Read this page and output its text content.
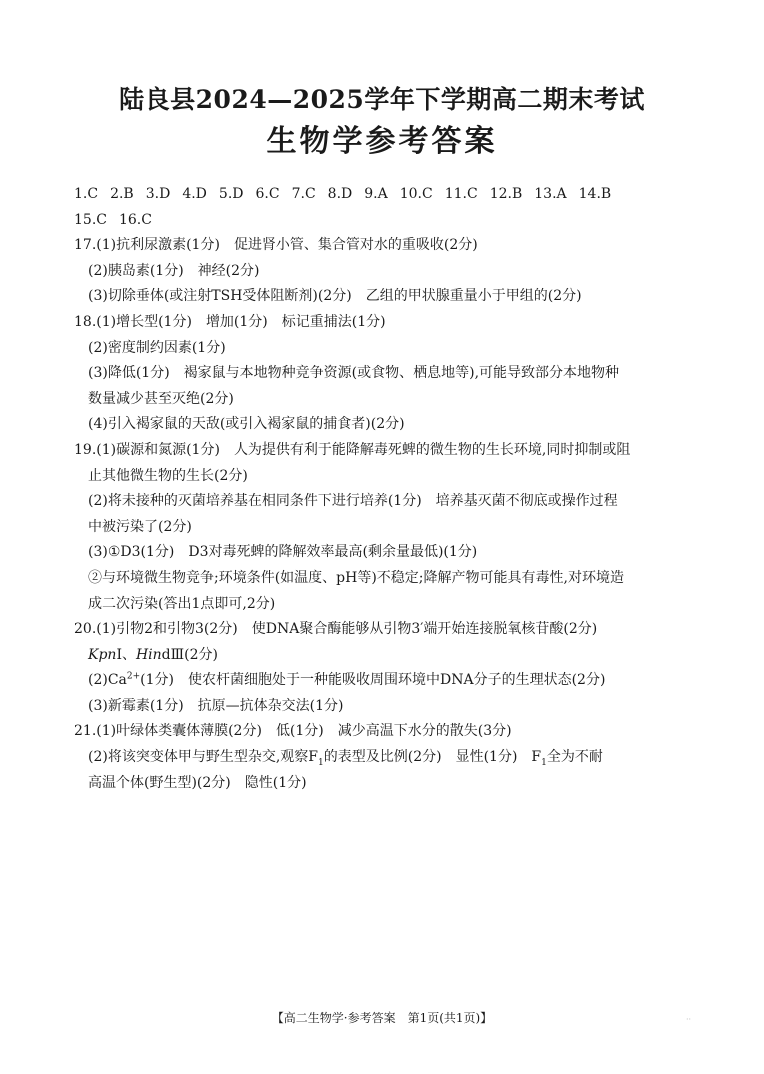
陆良县2024—2025学年下学期高二期末考试
生物学参考答案
1.C 2.B 3.D 4.D 5.D 6.C 7.C 8.D 9.A 10.C 11.C 12.B 13.A 14.B
15.C 16.C
17.(1)抗利尿激素(1分) 促进肾小管、集合管对水的重吸收(2分)
(2)胰岛素(1分) 神经(2分)
(3)切除垂体(或注射TSH受体阻断剂)(2分) 乙组的甲状腺重量小于甲组的(2分)
18.(1)增长型(1分) 增加(1分) 标记重捕法(1分)
(2)密度制约因素(1分)
(3)降低(1分) 褐家鼠与本地物种竞争资源(或食物、栖息地等),可能导致部分本地物种
数量减少甚至灭绝(2分)
(4)引入褐家鼠的天敌(或引入褐家鼠的捕食者)(2分)
19.(1)碳源和氮源(1分) 人为提供有利于能降解毒死蜱的微生物的生长环境,同时抑制或阻
止其他微生物的生长(2分)
(2)将未接种的灭菌培养基在相同条件下进行培养(1分) 培养基灭菌不彻底或操作过程
中被污染了(2分)
(3)①D3(1分) D3对毒死蜱的降解效率最高(剩余量最低)(1分)
②与环境微生物竞争;环境条件(如温度、pH等)不稳定;降解产物可能具有毒性,对环境造
成二次污染(答出1点即可,2分)
20.(1)引物2和引物3(2分) 使DNA聚合酶能够从引物3′端开始连接脱氧核苷酸(2分)
KpnⅠ、HindⅢ(2分)
$(2)Ca^{2+}(1$分) 使农杆菌细胞处于一种能吸收周围环境中DNA分子的生理状态(2分)
(3)新霉素(1分) 抗原—抗体杂交法(1分)
21.(1)叶绿体类囊体薄膜(2分) 低(1分) 减少高温下水分的散失(3分)
(2)将该突变体甲与野生型杂交,观察$F_1$的表型及比例(2分) 显性(1分) $F_1$全为不耐
高温个体(野生型)(2分) 隐性(1分)
【高二生物学·参考答案　第1页(共1页)】	··
